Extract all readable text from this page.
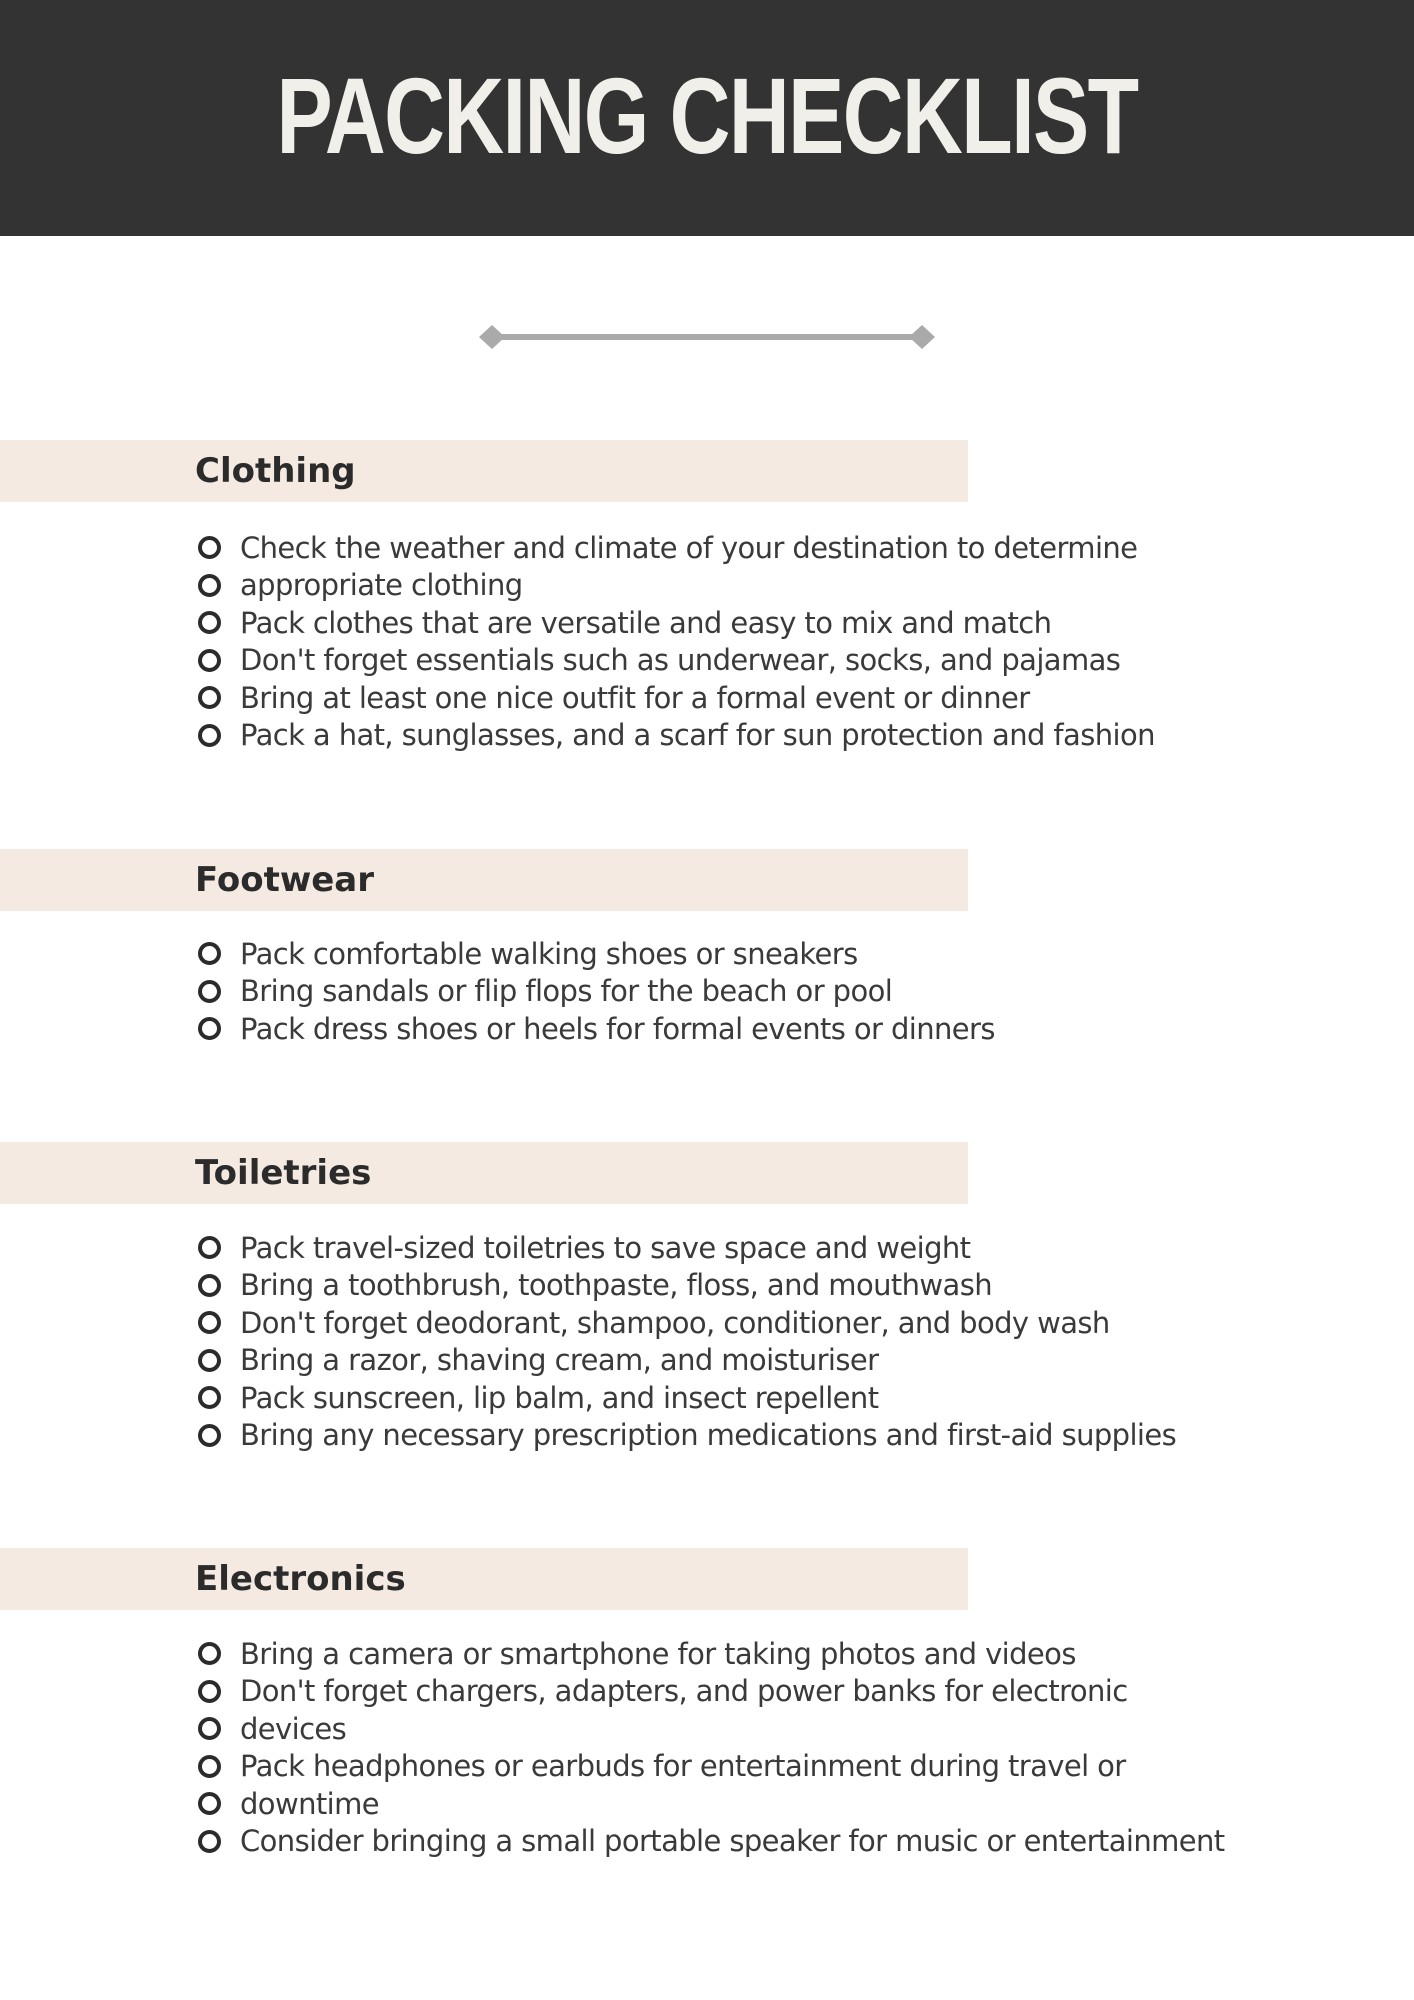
PACKING CHECKLIST
Clothing
Check the weather and climate of your destination to determine
appropriate clothing
Pack clothes that are versatile and easy to mix and match
Don't forget essentials such as underwear, socks, and pajamas
Bring at least one nice outfit for a formal event or dinner
Pack a hat, sunglasses, and a scarf for sun protection and fashion
Footwear
Pack comfortable walking shoes or sneakers
Bring sandals or flip flops for the beach or pool
Pack dress shoes or heels for formal events or dinners
Toiletries
Pack travel-sized toiletries to save space and weight
Bring a toothbrush, toothpaste, floss, and mouthwash
Don't forget deodorant, shampoo, conditioner, and body wash
Bring a razor, shaving cream, and moisturiser
Pack sunscreen, lip balm, and insect repellent
Bring any necessary prescription medications and first-aid supplies
Electronics
Bring a camera or smartphone for taking photos and videos
Don't forget chargers, adapters, and power banks for electronic
devices
Pack headphones or earbuds for entertainment during travel or
downtime
Consider bringing a small portable speaker for music or entertainment
